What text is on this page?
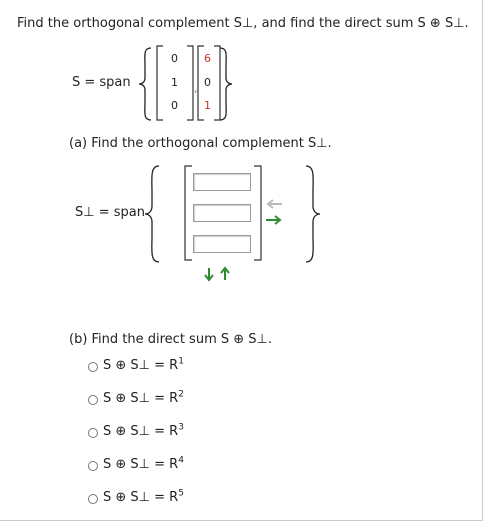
Find the orthogonal complement S⊥, and find the direct sum S ⊕ S⊥.
S = span
0
1
0
,
6
0
1
(a) Find the orthogonal complement S⊥.
S⊥ = span
(b) Find the direct sum S ⊕ S⊥.
S ⊕ S⊥ = $R^1$
S ⊕ S⊥ = $R^2$
S ⊕ S⊥ = $R^3$
S ⊕ S⊥ = $R^4$
S ⊕ S⊥ = $R^5$
